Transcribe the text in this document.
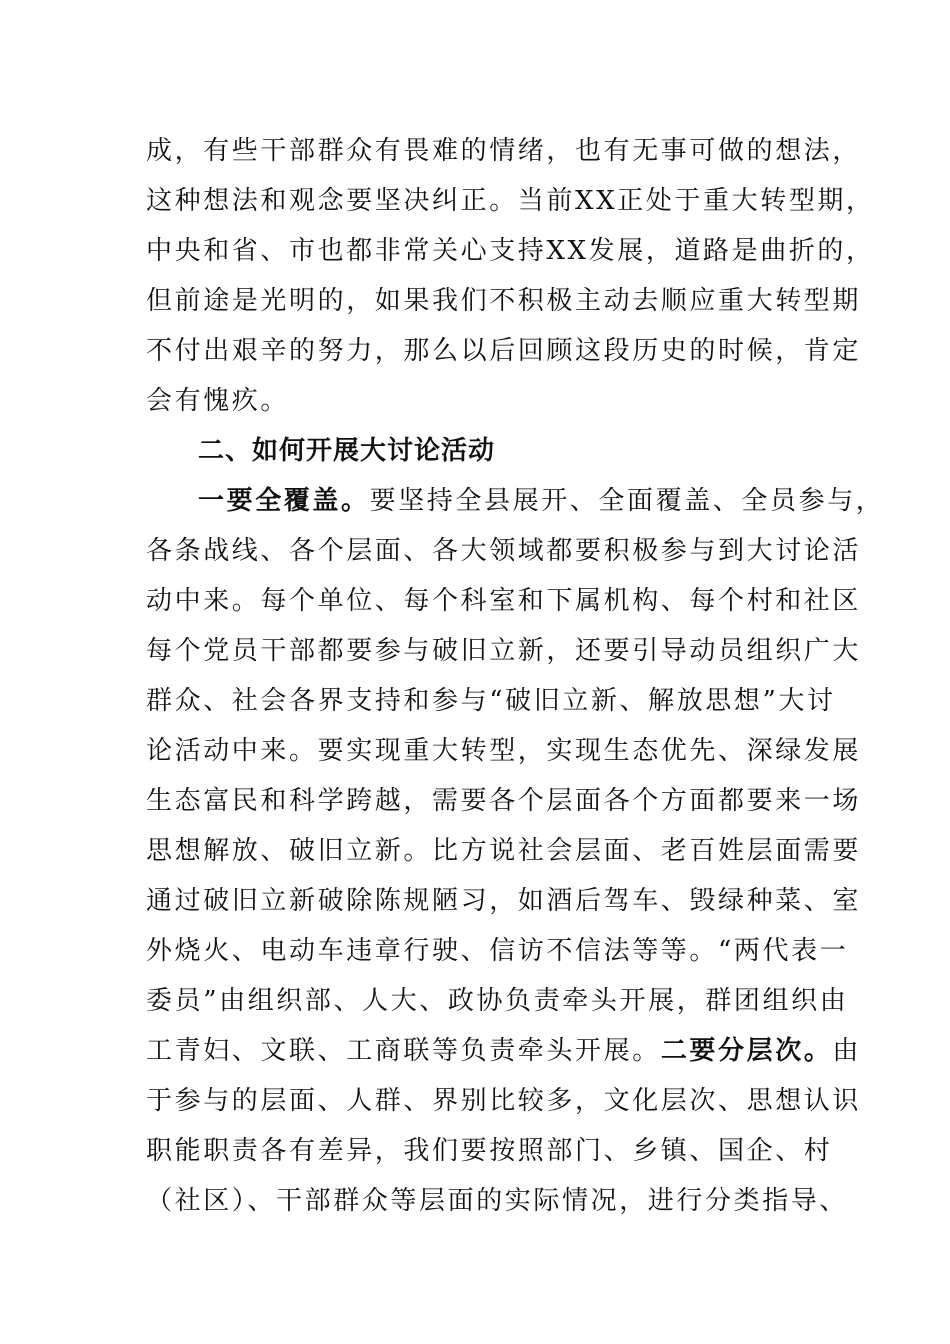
成，有些干部群众有畏难的情绪，也有无事可做的想法，
这种想法和观念要坚决纠正。当前XX正处于重大转型期，
中央和省、市也都非常关心支持XX发展，道路是曲折的，
但前途是光明的，如果我们不积极主动去顺应重大转型期
不付出艰辛的努力，那么以后回顾这段历史的时候，肯定
会有愧疚。
二、如何开展大讨论活动
一要全覆盖。要坚持全县展开、全面覆盖、全员参与，
各条战线、各个层面、各大领域都要积极参与到大讨论活
动中来。每个单位、每个科室和下属机构、每个村和社区
每个党员干部都要参与破旧立新，还要引导动员组织广大
群众、社会各界支持和参与“破旧立新、解放思想”大讨
论活动中来。要实现重大转型，实现生态优先、深绿发展
生态富民和科学跨越，需要各个层面各个方面都要来一场
思想解放、破旧立新。比方说社会层面、老百姓层面需要
通过破旧立新破除陈规陋习，如酒后驾车、毁绿种菜、室
外烧火、电动车违章行驶、信访不信法等等。“两代表一
委员”由组织部、人大、政协负责牵头开展，群团组织由
工青妇、文联、工商联等负责牵头开展。二要分层次。由
于参与的层面、人群、界别比较多，文化层次、思想认识
职能职责各有差异，我们要按照部门、乡镇、国企、村
（社区）、干部群众等层面的实际情况，进行分类指导、
